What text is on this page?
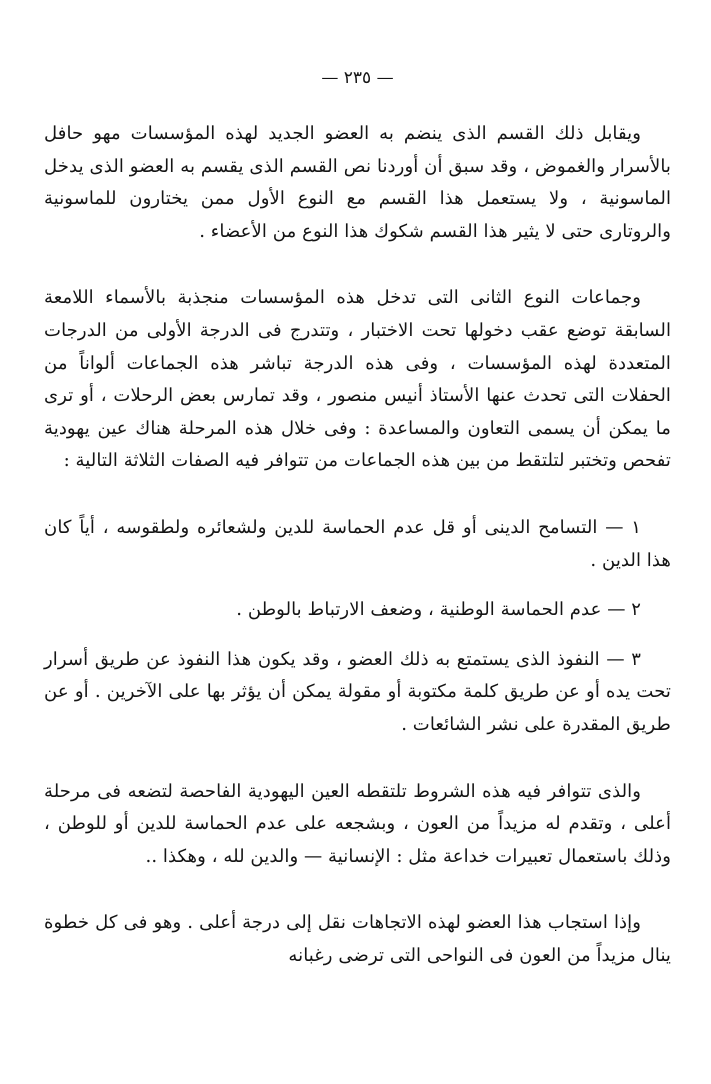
— ٢٣٥ —

ويقابل ذلك القسم الذى ينضم به العضو الجديد لهذه المؤسسات مهو حافل بالأسرار والغموض ، وقد سبق أن أوردنا نص القسم الذى يقسم به العضو الذى يدخل الماسونية ، ولا يستعمل هذا القسم مع النوع الأول ممن يختارون للماسونية والروتارى حتى لا يثير هذا القسم شكوك هذا النوع من الأعضاء .

وجماعات النوع الثانى التى تدخل هذه المؤسسات منجذبة بالأسماء اللامعة السابقة توضع عقب دخولها تحت الاختبار ، وتتدرج فى الدرجة الأولى من الدرجات المتعددة لهذه المؤسسات ، وفى هذه الدرجة تباشر هذه الجماعات ألواناً من الحفلات التى تحدث عنها الأستاذ أنيس منصور ، وقد تمارس بعض الرحلات ، أو ترى ما يمكن أن يسمى التعاون والمساعدة : وفى خلال هذه المرحلة هناك عين يهودية تفحص وتختبر لتلتقط من بين هذه الجماعات من تتوافر فيه الصفات الثلاثة التالية :

١ — التسامح الدينى أو قل عدم الحماسة للدين ولشعائره ولطقوسه ، أياً كان هذا الدين .

٢ — عدم الحماسة الوطنية ، وضعف الارتباط بالوطن .

٣ — النفوذ الذى يستمتع به ذلك العضو ، وقد يكون هذا النفوذ عن طريق أسرار تحت يده أو عن طريق كلمة مكتوبة أو مقولة يمكن أن يؤثر بها على الآخرين . أو عن طريق المقدرة على نشر الشائعات .

والذى تتوافر فيه هذه الشروط تلتقطه العين اليهودية الفاحصة لتضعه فى مرحلة أعلى ، وتقدم له مزيداً من العون ، وبشجعه على عدم الحماسة للدين أو للوطن ، وذلك باستعمال تعبيرات خداعة مثل : الإنسانية — والدين لله ، وهكذا ..

وإذا استجاب هذا العضو لهذه الاتجاهات نقل إلى درجة أعلى . وهو فى كل خطوة ينال مزيداً من العون فى النواحى التى ترضى رغبانه
